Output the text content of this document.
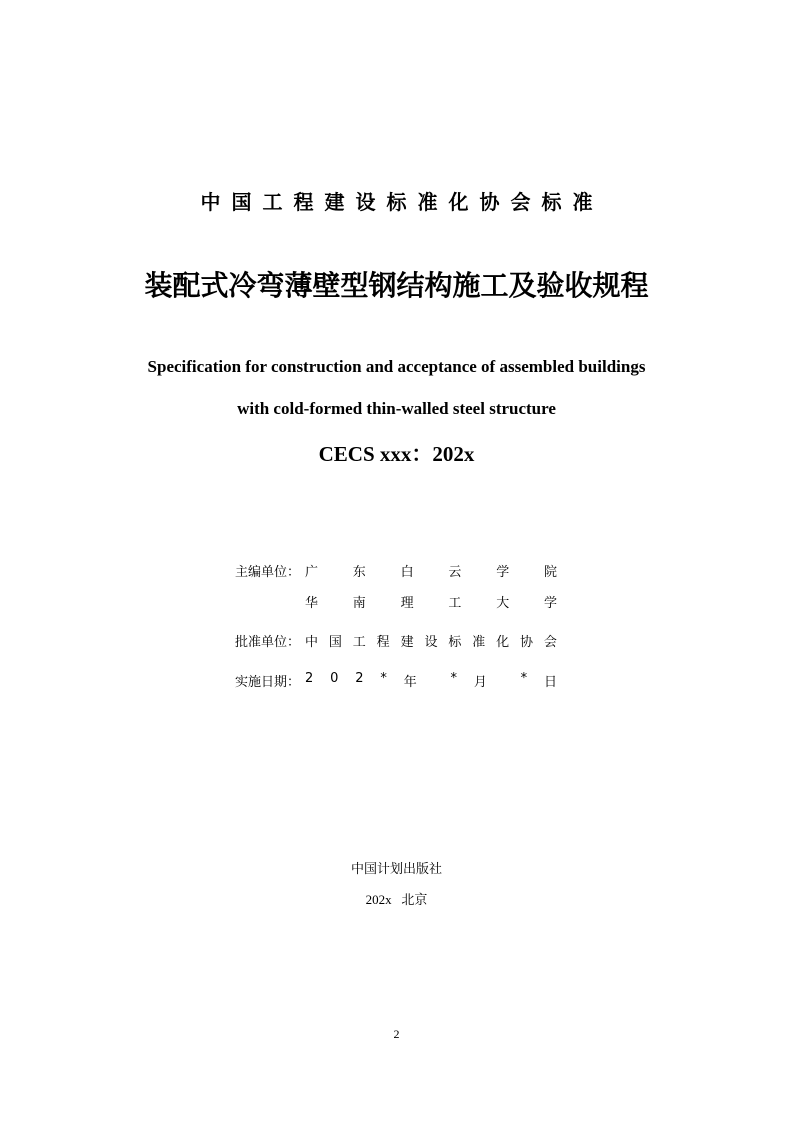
中国工程建设标准化协会标准
装配式冷弯薄壁型钢结构施工及验收规程
Specification for construction and acceptance of assembled buildings
with cold-formed thin-walled steel structure
CECS xxx：202x
主编单位： 广	东	白	云	学	院
华	南	理	工	大	学
批准单位： 中 国 工 程 建 设 标 准 化 协 会
实施日期： 2 0 2 * 年	* 月	* 日
中国计划出版社
202x   北京
2
